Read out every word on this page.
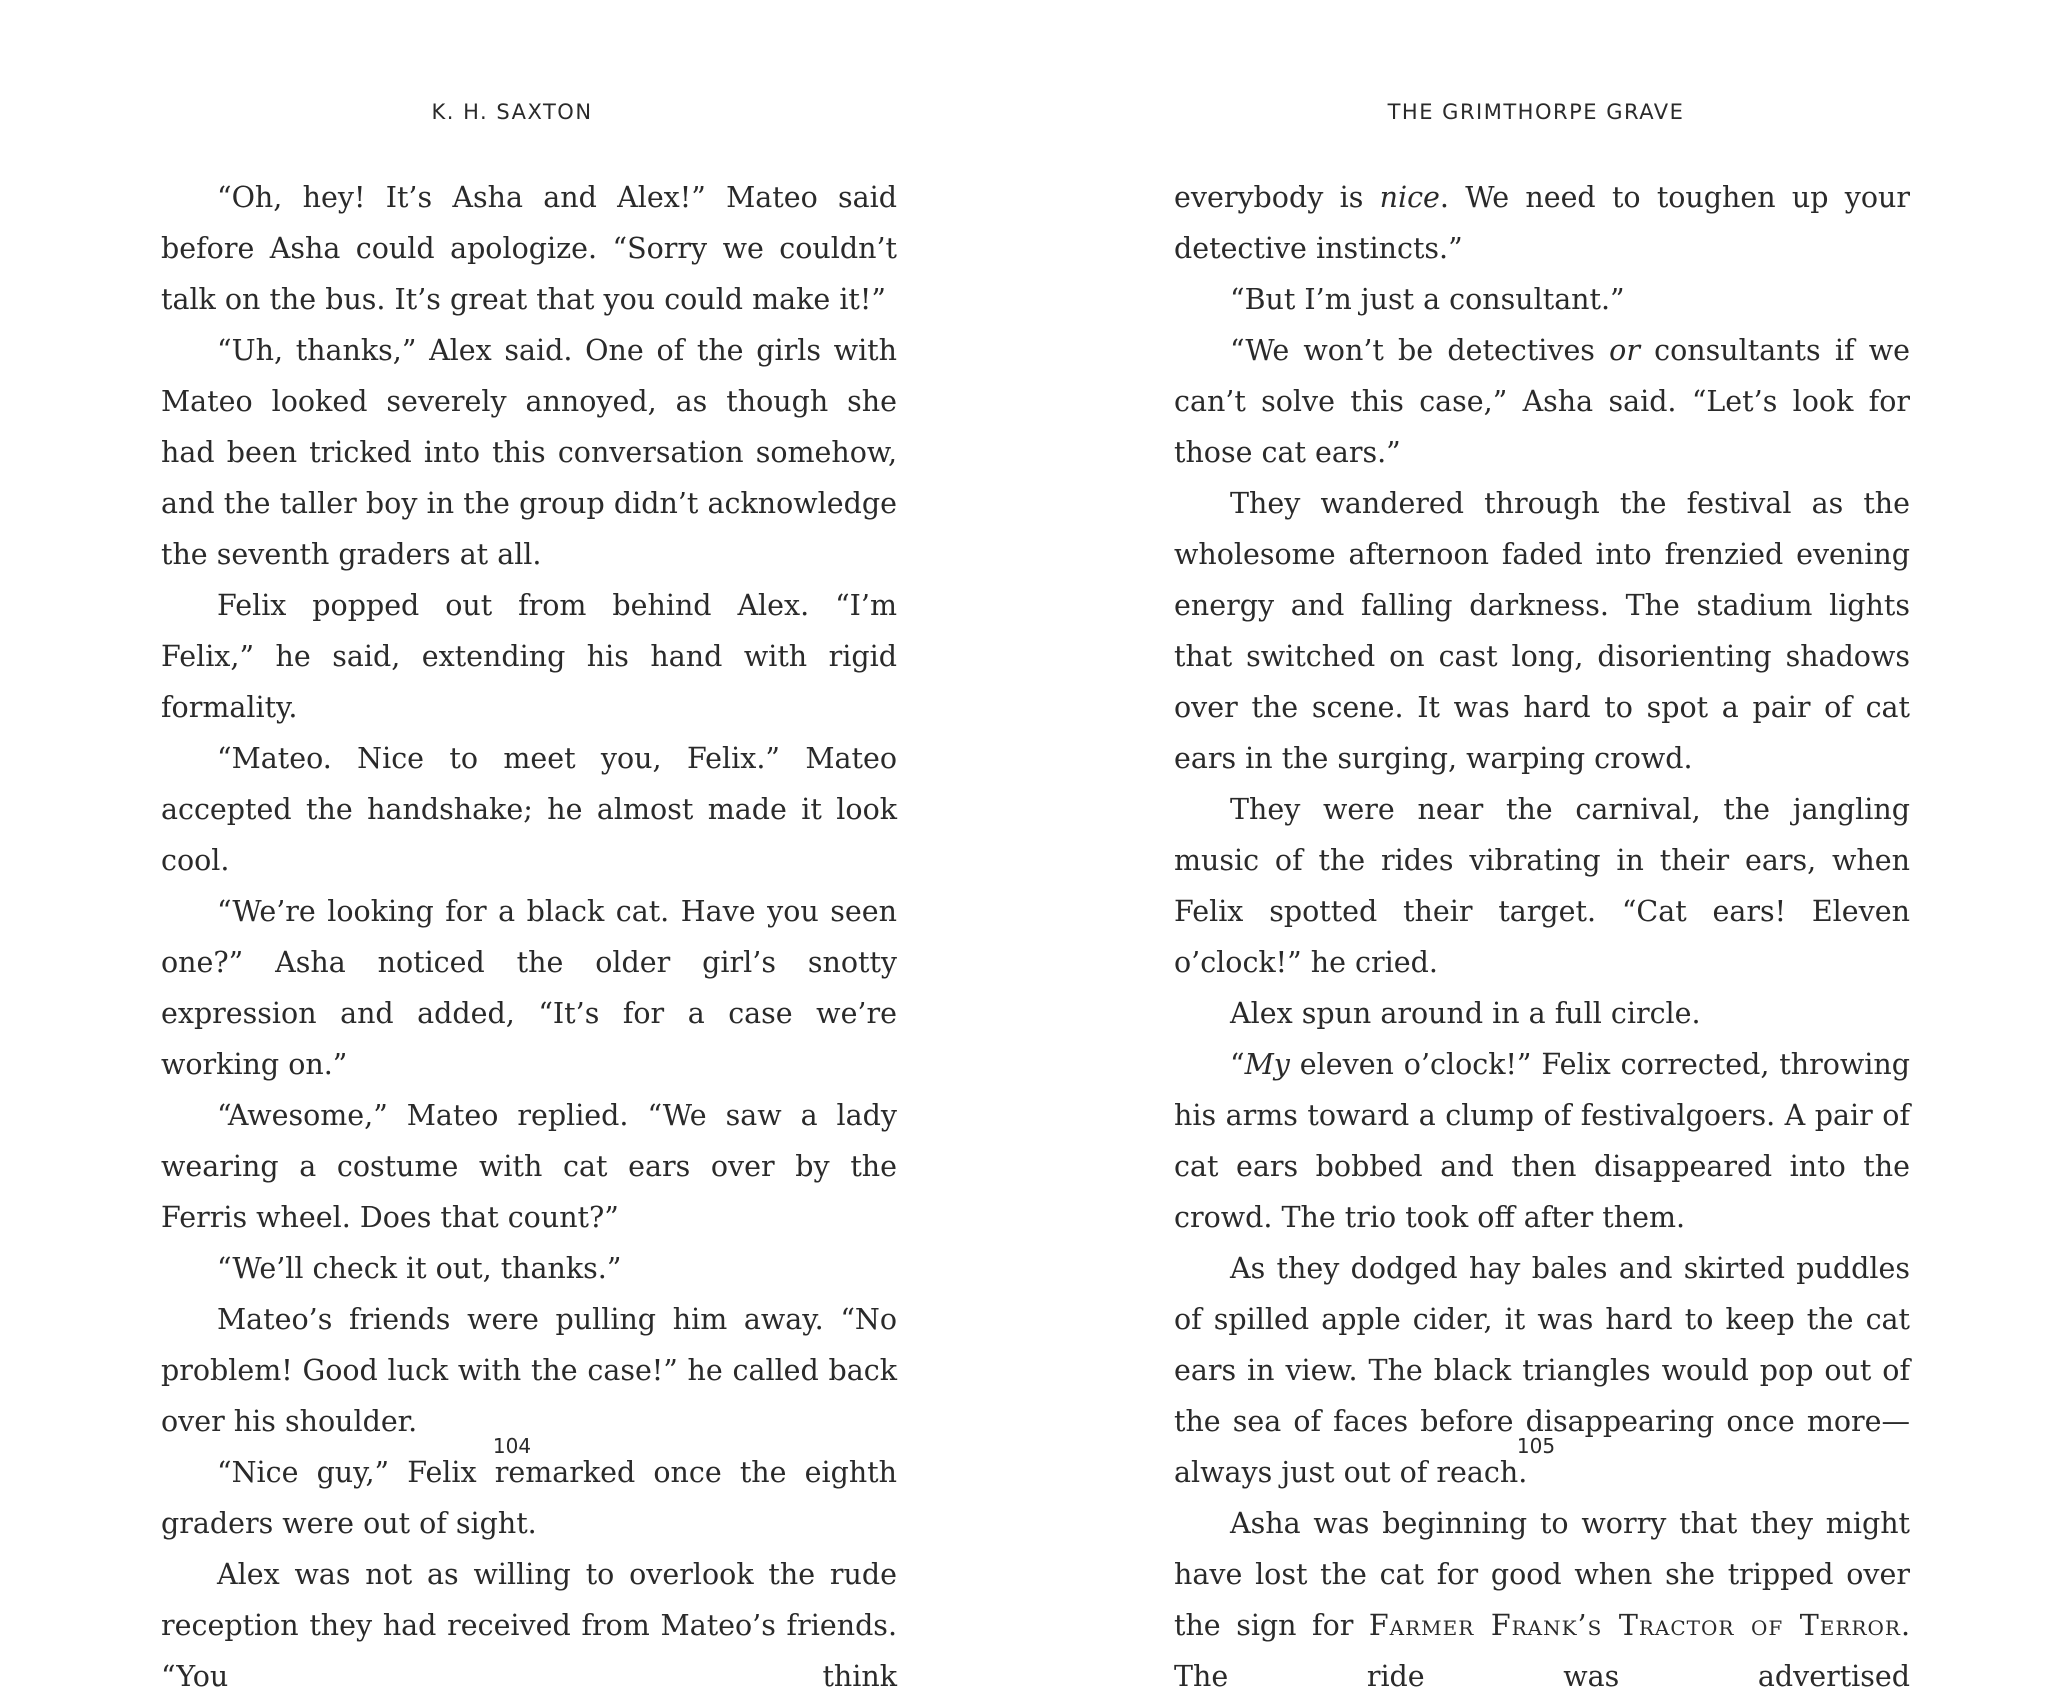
K. H. SAXTON

“Oh, hey! It’s Asha and Alex!” Mateo said before Asha could apologize. “Sorry we couldn’t talk on the bus. It’s great that you could make it!”

“Uh, thanks,” Alex said. One of the girls with Mateo looked severely annoyed, as though she had been tricked into this conversation somehow, and the taller boy in the group didn’t acknowledge the seventh graders at all.

Felix popped out from behind Alex. “I’m Felix,” he said, extending his hand with rigid formality.

“Mateo. Nice to meet you, Felix.” Mateo accepted the handshake; he almost made it look cool.

“We’re looking for a black cat. Have you seen one?” Asha noticed the older girl’s snotty expression and added, “It’s for a case we’re working on.”

“Awesome,” Mateo replied. “We saw a lady wearing a costume with cat ears over by the Ferris wheel. Does that count?”

“We’ll check it out, thanks.”

Mateo’s friends were pulling him away. “No problem! Good luck with the case!” he called back over his shoulder.

“Nice guy,” Felix remarked once the eighth graders were out of sight.

Alex was not as willing to overlook the rude reception they had received from Mateo’s friends. “You think

104
THE GRIMTHORPE GRAVE

everybody is nice. We need to toughen up your detective instincts.”

“But I’m just a consultant.”

“We won’t be detectives or consultants if we can’t solve this case,” Asha said. “Let’s look for those cat ears.”

They wandered through the festival as the wholesome afternoon faded into frenzied evening energy and falling darkness. The stadium lights that switched on cast long, disorienting shadows over the scene. It was hard to spot a pair of cat ears in the surging, warping crowd.

They were near the carnival, the jangling music of the rides vibrating in their ears, when Felix spotted their target. “Cat ears! Eleven o’clock!” he cried.

Alex spun around in a full circle.

“My eleven o’clock!” Felix corrected, throwing his arms toward a clump of festivalgoers. A pair of cat ears bobbed and then disappeared into the crowd. The trio took off after them.

As they dodged hay bales and skirted puddles of spilled apple cider, it was hard to keep the cat ears in view. The black triangles would pop out of the sea of faces before disappearing once more—always just out of reach.

Asha was beginning to worry that they might have lost the cat for good when she tripped over the sign for Farmer Frank’s Tractor of Terror. The ride was advertised

105
